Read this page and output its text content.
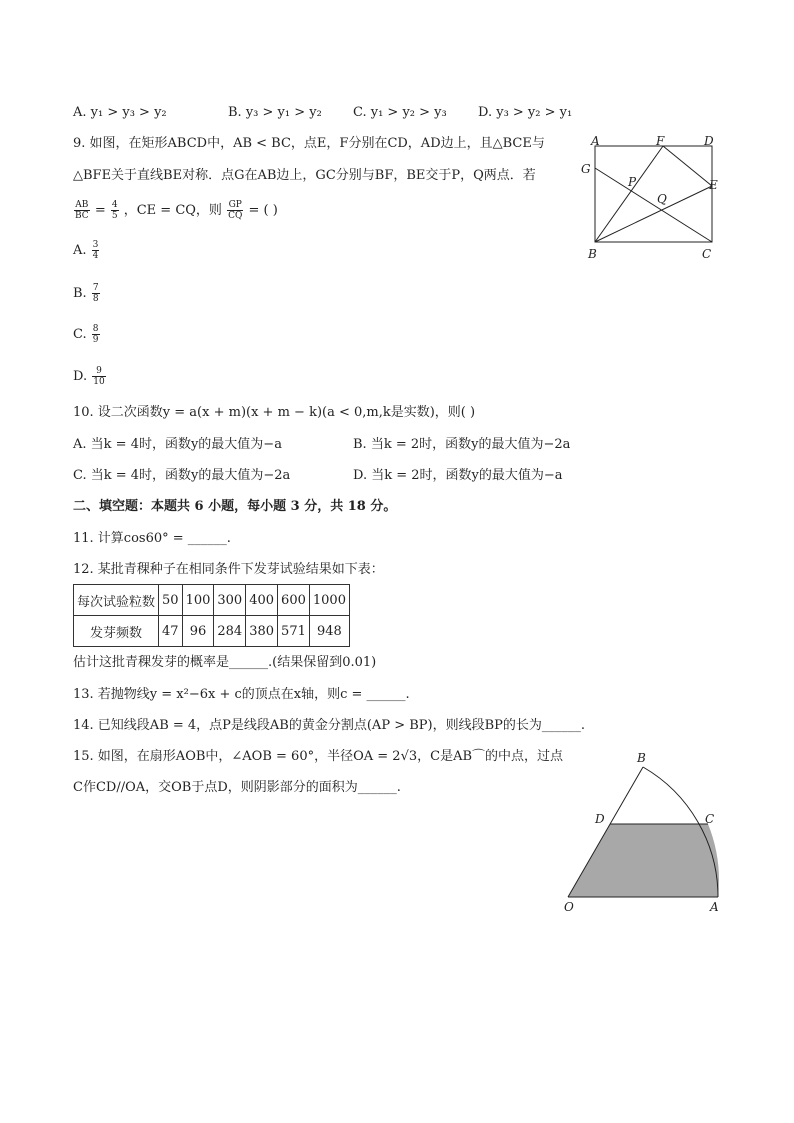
A. y₁ > y₃ > y₂	B. y₃ > y₁ > y₂ C. y₁ > y₂ > y₃ D. y₃ > y₂ > y₁
9. 如图，在矩形ABCD中，AB < BC，点E，F分别在CD，AD边上，且△BCE与
△BFE关于直线BE对称．点G在AB边上，GC分别与BF，BE交于P，Q两点．若
$\frac{AB}{BC} = \frac{4}{5}$ ，CE = CQ，则 $\frac{GP}{CQ}$ = ( )
A. $\frac{3}{4}$
B. $\frac{7}{8}$
C. $\frac{8}{9}$
D. $\frac{9}{10}$
A	F	D
G
P	E
Q
B	C
10. 设二次函数y = a(x + m)(x + m − k)(a < 0,m,k是实数)，则( )
A. 当k = 4时，函数y的最大值为−a	B. 当k = 2时，函数y的最大值为−2a
C. 当k = 4时，函数y的最大值为−2a	D. 当k = 2时，函数y的最大值为−a
二、填空题：本题共 6 小题，每小题 3 分，共 18 分。
11. 计算cos60° = ______.
12. 某批青稞种子在相同条件下发芽试验结果如下表：
每次试验粒数	50	100	300	400	600	1000
发芽频数	47	96	284	380	571	948
估计这批青稞发芽的概率是______.(结果保留到0.01)
13. 若抛物线y = x²−6x + c的顶点在x轴，则c = ______.
14. 已知线段AB = 4，点P是线段AB的黄金分割点(AP > BP)，则线段BP的长为______.
15. 如图，在扇形AOB中，∠AOB = 60°，半径OA = 2√3，C是AB⌒的中点，过点
C作CD//OA，交OB于点D，则阴影部分的面积为______.
B
D	C
O	A
